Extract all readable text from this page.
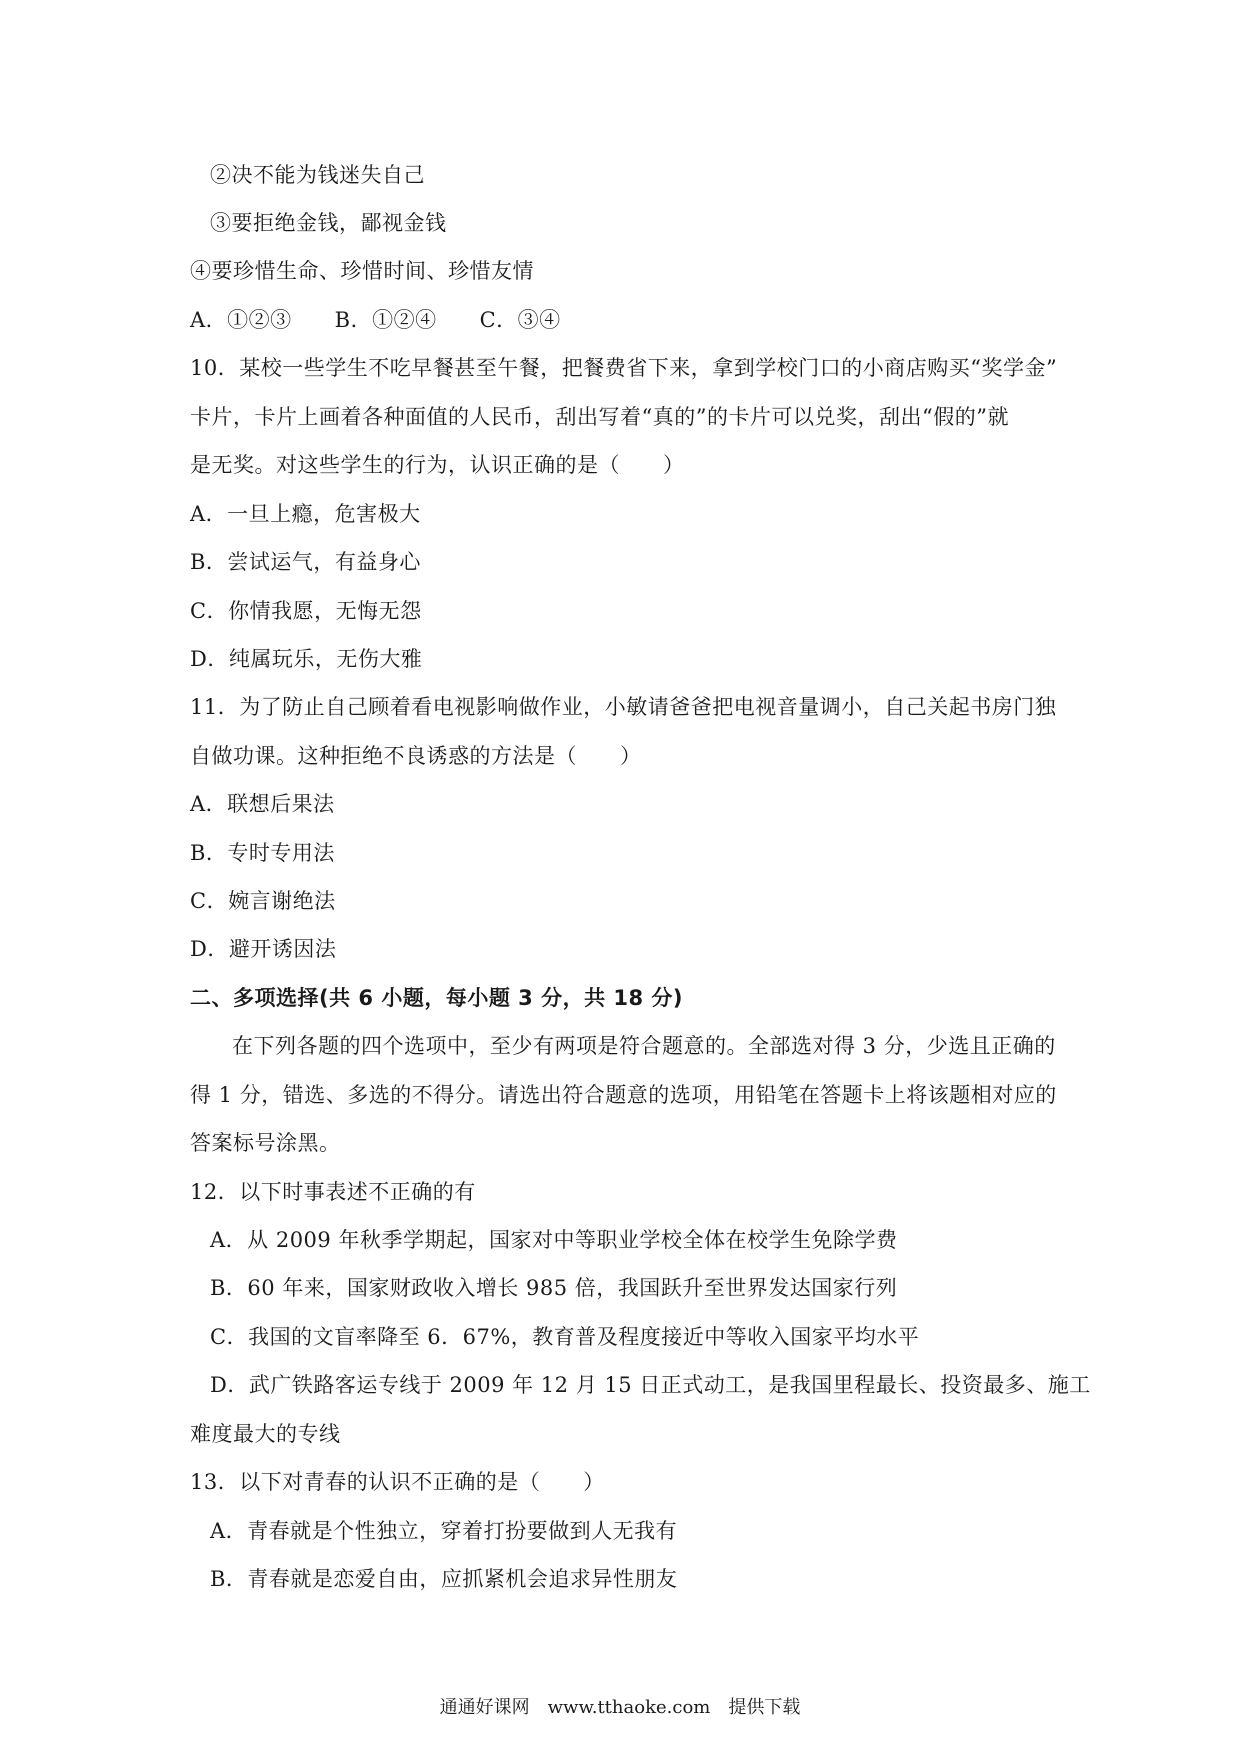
②决不能为钱迷失自己
③要拒绝金钱，鄙视金钱
④要珍惜生命、珍惜时间、珍惜友情
A．①②③　　B．①②④　　C．③④
10．某校一些学生不吃早餐甚至午餐，把餐费省下来，拿到学校门口的小商店购买“奖学金”
卡片，卡片上画着各种面值的人民币，刮出写着“真的”的卡片可以兑奖，刮出“假的”就
是无奖。对这些学生的行为，认识正确的是（　　）
A．一旦上瘾，危害极大
B．尝试运气，有益身心
C．你情我愿，无悔无怨
D．纯属玩乐，无伤大雅
11．为了防止自己顾着看电视影响做作业，小敏请爸爸把电视音量调小，自己关起书房门独
自做功课。这种拒绝不良诱惑的方法是（　　）
A．联想后果法
B．专时专用法
C．婉言谢绝法
D．避开诱因法
二、多项选择(共 6 小题，每小题 3 分，共 18 分)
在下列各题的四个选项中，至少有两项是符合题意的。全部选对得 3 分，少选且正确的
得 1 分，错选、多选的不得分。请选出符合题意的选项，用铅笔在答题卡上将该题相对应的
答案标号涂黑。
12．以下时事表述不正确的有
A．从 2009 年秋季学期起，国家对中等职业学校全体在校学生免除学费
B．60 年来，国家财政收入增长 985 倍，我国跃升至世界发达国家行列
C．我国的文盲率降至 6．67%，教育普及程度接近中等收入国家平均水平
D．武广铁路客运专线于 2009 年 12 月 15 日正式动工，是我国里程最长、投资最多、施工
难度最大的专线
13．以下对青春的认识不正确的是（　　）
A．青春就是个性独立，穿着打扮要做到人无我有
B．青春就是恋爱自由，应抓紧机会追求异性朋友
通通好课网　www.tthaoke.com　提供下载
